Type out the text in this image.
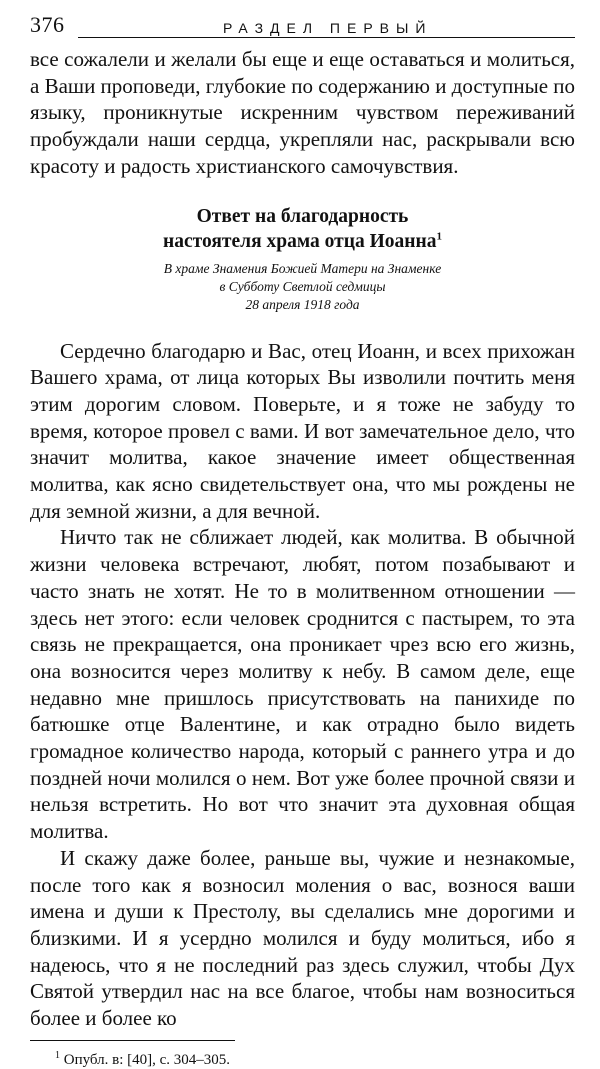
376	РАЗДЕЛ ПЕРВЫЙ

все сожалели и желали бы еще и еще оставаться и молиться, а Ваши проповеди, глубокие по содержанию и доступные по языку, проникнутые искренним чувством переживаний пробуждали наши сердца, укрепляли нас, раскрывали всю красоту и радость христианского самочувствия.

Ответ на благодарность
настоятеля храма отца Иоанна$^1$
В храме Знамения Божией Матери на Знаменке
в Субботу Светлой седмицы
28 апреля 1918 года

Сердечно благодарю и Вас, отец Иоанн, и всех прихожан Вашего храма, от лица которых Вы изволили почтить меня этим дорогим словом. Поверьте, и я тоже не забуду то время, которое провел с вами. И вот замечательное дело, что значит молитва, какое значение имеет общественная молитва, как ясно свидетельствует она, что мы рождены не для земной жизни, а для вечной.

Ничто так не сближает людей, как молитва. В обычной жизни человека встречают, любят, потом позабывают и часто знать не хотят. Не то в молитвенном отношении — здесь нет этого: если человек сроднится с пастырем, то эта связь не прекращается, она проникает чрез всю его жизнь, она возносится через молитву к небу. В самом деле, еще недавно мне пришлось присутствовать на панихиде по батюшке отце Валентине, и как отрадно было видеть громадное количество народа, который с раннего утра и до поздней ночи молился о нем. Вот уже более прочной связи и нельзя встретить. Но вот что значит эта духовная общая молитва.

И скажу даже более, раньше вы, чужие и незнакомые, после того как я возносил моления о вас, вознося ваши имена и души к Престолу, вы сделались мне дорогими и близкими. И я усердно молился и буду молиться, ибо я надеюсь, что я не последний раз здесь служил, чтобы Дух Святой утвердил нас на все благое, чтобы нам возноситься более и более ко

$^1$ Опубл. в: [40], с. 304–305.
